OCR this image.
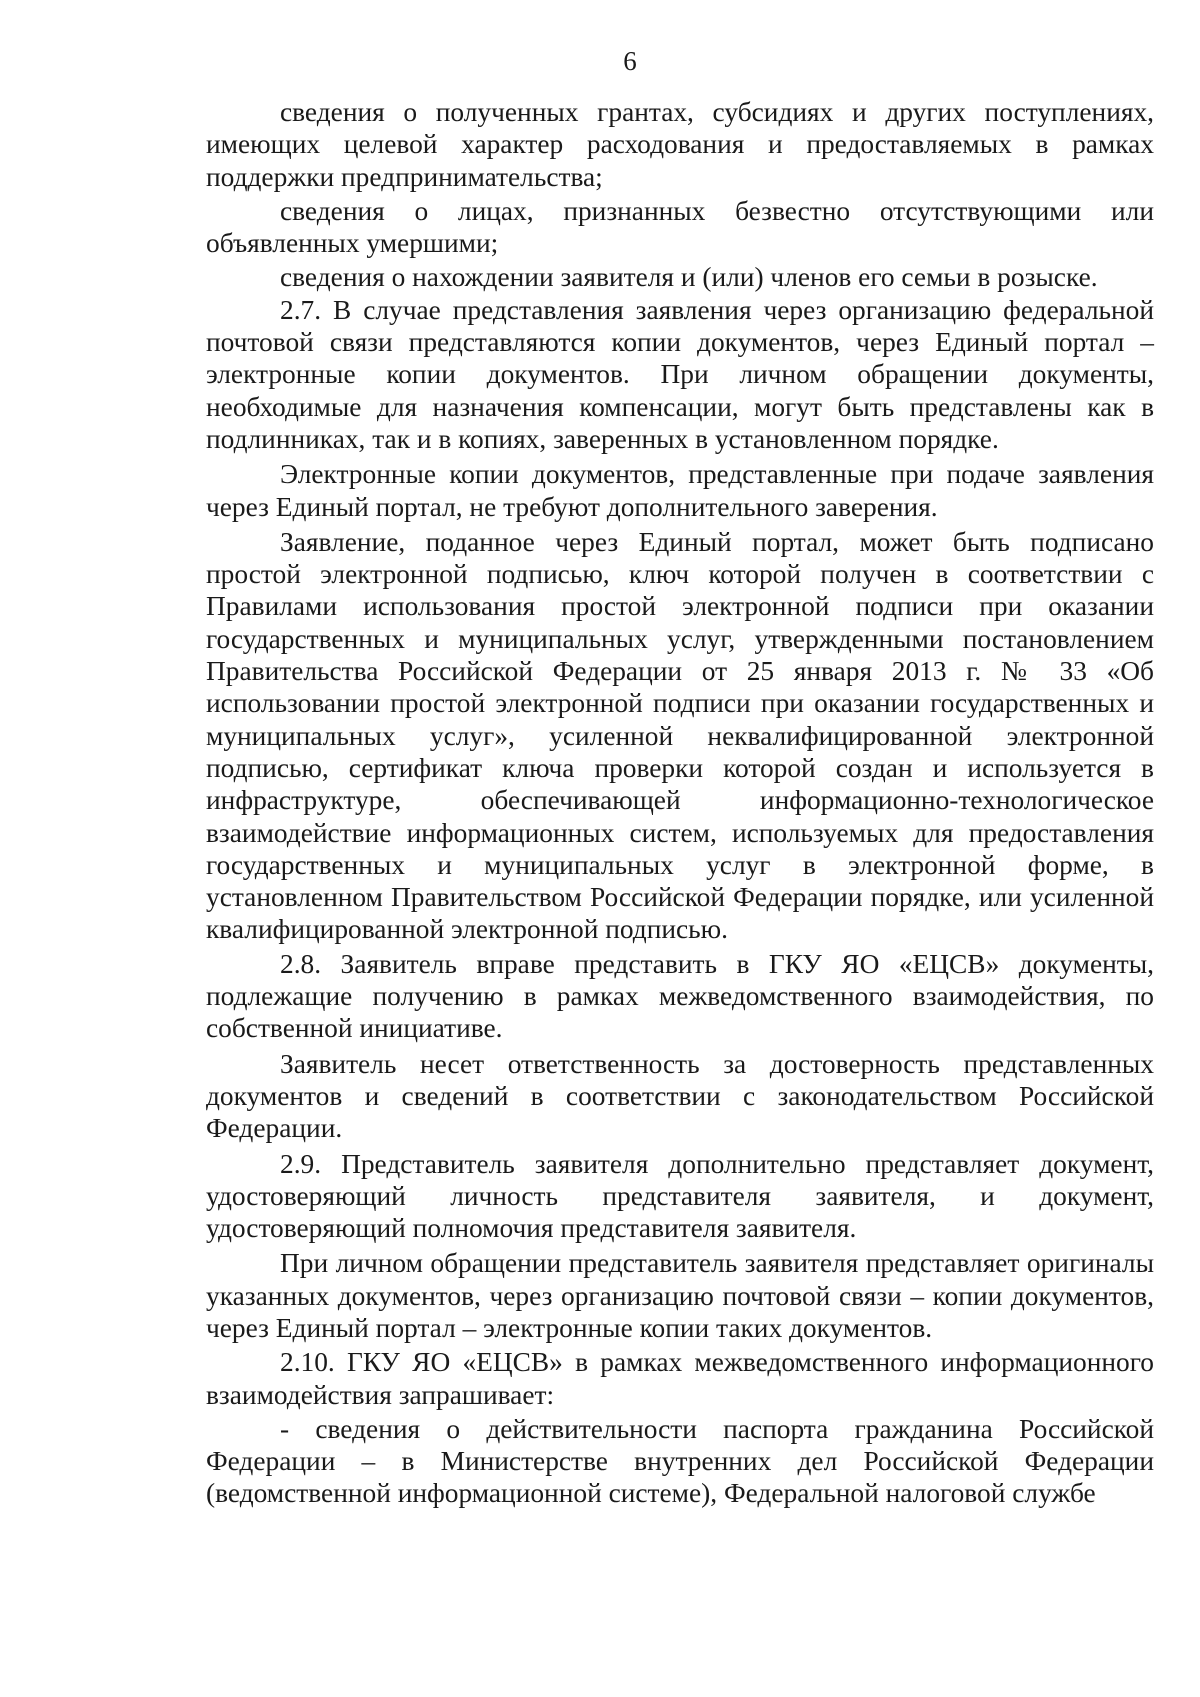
6

сведения о полученных грантах, субсидиях и других поступлениях, имеющих целевой характер расходования и предоставляемых в рамках поддержки предпринимательства;

сведения о лицах, признанных безвестно отсутствующими или объявленных умершими;

сведения о нахождении заявителя и (или) членов его семьи в розыске.

2.7. В случае представления заявления через организацию федеральной почтовой связи представляются копии документов, через Единый портал – электронные копии документов. При личном обращении документы, необходимые для назначения компенсации, могут быть представлены как в подлинниках, так и в копиях, заверенных в установленном порядке.

Электронные копии документов, представленные при подаче заявления через Единый портал, не требуют дополнительного заверения.

Заявление, поданное через Единый портал, может быть подписано простой электронной подписью, ключ которой получен в соответствии с Правилами использования простой электронной подписи при оказании государственных и муниципальных услуг, утвержденными постановлением Правительства Российской Федерации от 25 января 2013 г. № 33 «Об использовании простой электронной подписи при оказании государственных и муниципальных услуг», усиленной неквалифицированной электронной подписью, сертификат ключа проверки которой создан и используется в инфраструктуре, обеспечивающей информационно-технологическое взаимодействие информационных систем, используемых для предоставления государственных и муниципальных услуг в электронной форме, в установленном Правительством Российской Федерации порядке, или усиленной квалифицированной электронной подписью.

2.8. Заявитель вправе представить в ГКУ ЯО «ЕЦСВ» документы, подлежащие получению в рамках межведомственного взаимодействия, по собственной инициативе.

Заявитель несет ответственность за достоверность представленных документов и сведений в соответствии с законодательством Российской Федерации.

2.9. Представитель заявителя дополнительно представляет документ, удостоверяющий личность представителя заявителя, и документ, удостоверяющий полномочия представителя заявителя.

При личном обращении представитель заявителя представляет оригиналы указанных документов, через организацию почтовой связи – копии документов, через Единый портал – электронные копии таких документов.

2.10. ГКУ ЯО «ЕЦСВ» в рамках межведомственного информационного взаимодействия запрашивает:

- сведения о действительности паспорта гражданина Российской Федерации – в Министерстве внутренних дел Российской Федерации (ведомственной информационной системе), Федеральной налоговой службе
